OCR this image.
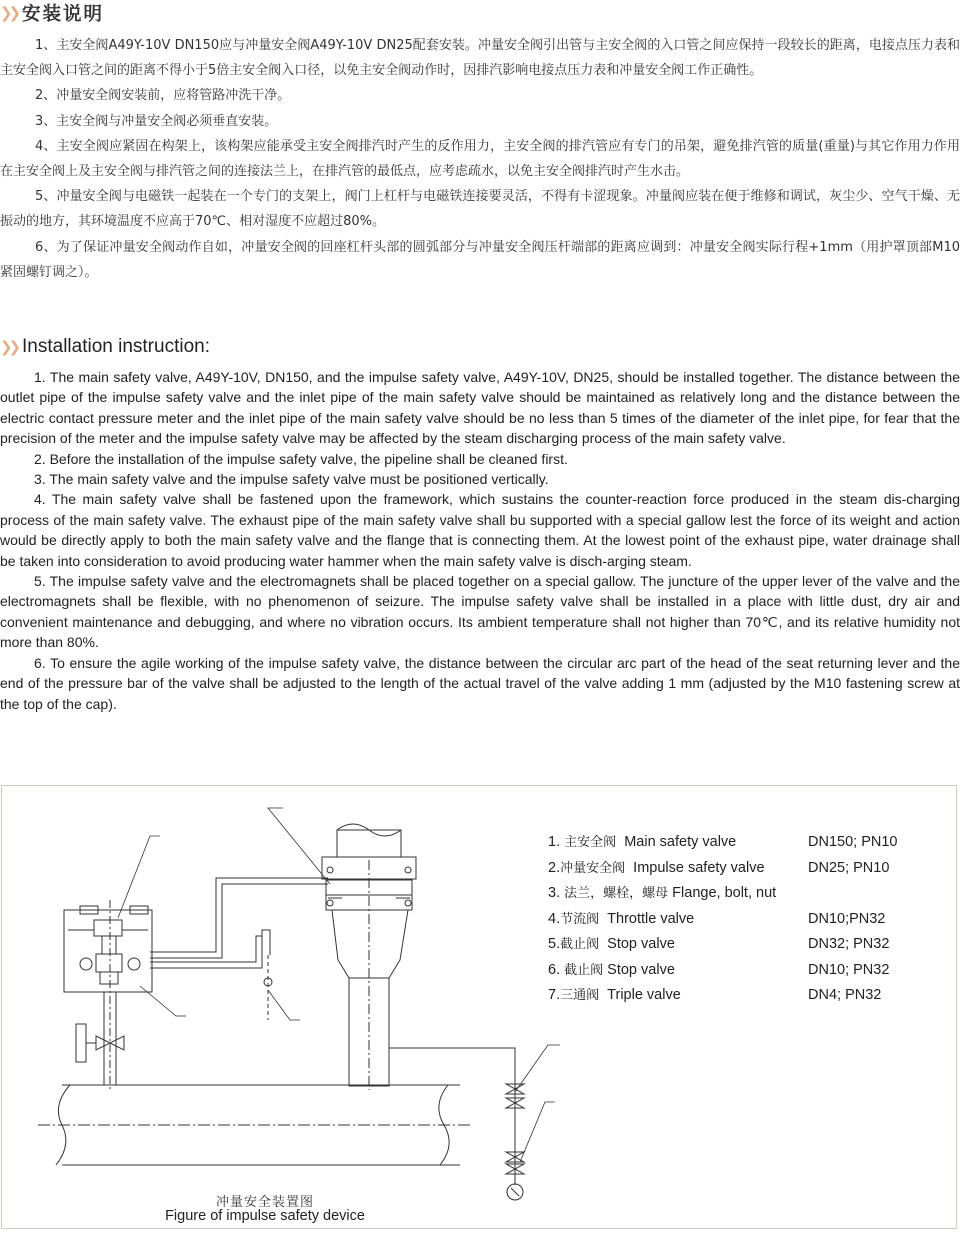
❯❯ 安装说明

1、主安全阀A49Y-10V DN150应与冲量安全阀A49Y-10V DN25配套安装。冲量安全阀引出管与主安全阀的入口管之间应保持一段较长的距离，电接点压力表和主安全阀入口管之间的距离不得小于5倍主安全阀入口径，以免主安全阀动作时，因排汽影响电接点压力表和冲量安全阀工作正确性。

2、冲量安全阀安装前，应将管路冲洗干净。

3、主安全阀与冲量安全阀必须垂直安装。

4、主安全阀应紧固在构架上，该构架应能承受主安全阀排汽时产生的反作用力，主安全阀的排汽管应有专门的吊架，避免排汽管的质量(重量)与其它作用力作用在主安全阀上及主安全阀与排汽管之间的连接法兰上，在排汽管的最低点，应考虑疏水，以免主安全阀排汽时产生水击。

5、冲量安全阀与电磁铁一起装在一个专门的支架上，阀门上杠杆与电磁铁连接要灵活，不得有卡涩现象。冲量阀应装在便于维修和调试，灰尘少、空气干燥、无振动的地方，其环境温度不应高于70℃、相对湿度不应超过80%。

6、为了保证冲量安全阀动作自如，冲量安全阀的回座杠杆头部的圆弧部分与冲量安全阀压杆端部的距离应调到：冲量安全阀实际行程+1mm（用护罩顶部M10紧固螺钉调之）。

❯❯ Installation instruction:

1. The main safety valve, A49Y-10V, DN150, and the impulse safety valve, A49Y-10V, DN25, should be installed together. The distance between the outlet pipe of the impulse safety valve and the inlet pipe of the main safety valve should be maintained as relatively long and the distance between the electric contact pressure meter and the inlet pipe of the main safety valve should be no less than 5 times of the diameter of the inlet pipe, for fear that the precision of the meter and the impulse safety valve may be affected by the steam discharging process of the main safety valve.

2. Before the installation of the impulse safety valve, the pipeline shall be cleaned first.

3. The main safety valve and the impulse safety valve must be positioned vertically.

4. The main safety valve shall be fastened upon the framework, which sustains the counter-reaction force produced in the steam dis-charging process of the main safety valve. The exhaust pipe of the main safety valve shall bu supported with a special gallow lest the force of its weight and action would be directly apply to both the main safety valve and the flange that is connecting them. At the lowest point of the exhaust pipe, water drainage shall be taken into consideration to avoid producing water hammer when the main safety valve is disch-arging steam.

5. The impulse safety valve and the electromagnets shall be placed together on a special gallow. The juncture of the upper lever of the valve and the electromagnets shall be flexible, with no phenomenon of seizure. The impulse safety valve shall be installed in a place with little dust, dry air and convenient maintenance and debugging, and where no vibration occurs. Its ambient temperature shall not higher than 70℃, and its relative humidity not more than 80%.

6. To ensure the agile working of the impulse safety valve, the distance between the circular arc part of the head of the seat returning lever and the end of the pressure bar of the valve shall be adjusted to the length of the actual travel of the valve adding 1 mm (adjusted by the M10 fastening screw at the top of the cap).

1. 主安全阀 Main safety valve	DN150; PN10
2.冲量安全阀 Impulse safety valve	DN25; PN10
3. 法兰，螺栓，螺母 Flange, bolt, nut
4.节流阀 Throttle valve	DN10;PN32
5.截止阀 Stop valve	DN32; PN32
6. 截止阀 Stop valve	DN10; PN32
7.三通阀 Triple valve	DN4; PN32
冲量安全装置图
Figure of impulse safety device
